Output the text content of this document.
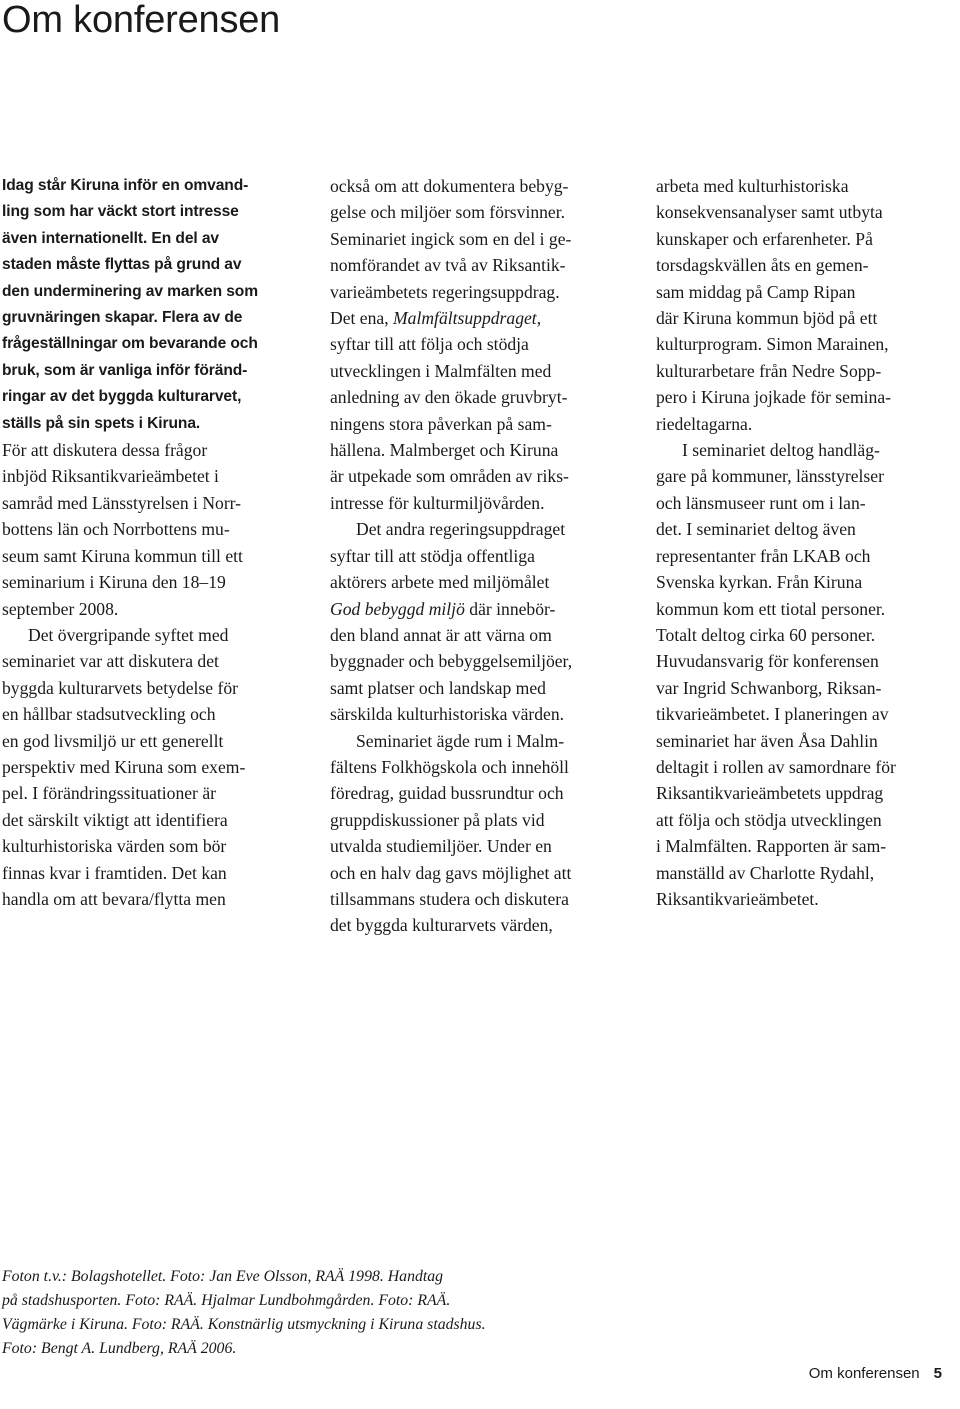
Om konferensen

Idag står Kiruna inför en omvand-
ling som har väckt stort intresse
även internationellt. En del av
staden måste flyttas på grund av
den underminering av marken som
gruvnäringen skapar. Flera av de
frågeställningar om bevarande och
bruk, som är vanliga inför föränd-
ringar av det byggda kulturarvet,
ställs på sin spets i Kiruna.

För att diskutera dessa frågor
inbjöd Riksantikvarieämbetet i
samråd med Länsstyrelsen i Norr-
bottens län och Norrbottens mu-
seum samt Kiruna kommun till ett
seminarium i Kiruna den 18–19
september 2008.

Det övergripande syftet med
seminariet var att diskutera det
byggda kulturarvets betydelse för
en hållbar stadsutveckling och
en god livsmiljö ur ett generellt
perspektiv med Kiruna som exem-
pel. I förändringssituationer är
det särskilt viktigt att identifiera
kulturhistoriska värden som bör
finnas kvar i framtiden. Det kan
handla om att bevara/flytta men

också om att dokumentera bebyg-
gelse och miljöer som försvinner.
Seminariet ingick som en del i ge-
nomförandet av två av Riksantik-
varieämbetets regeringsuppdrag.
Det ena, Malmfältsuppdraget,
syftar till att följa och stödja
utvecklingen i Malmfälten med
anledning av den ökade gruvbryt-
ningens stora påverkan på sam-
hällena. Malmberget och Kiruna
är utpekade som områden av riks-
intresse för kulturmiljövården.

Det andra regeringsuppdraget
syftar till att stödja offentliga
aktörers arbete med miljömålet
God bebyggd miljö där innebör-
den bland annat är att värna om
byggnader och bebyggelsemiljöer,
samt platser och landskap med
särskilda kulturhistoriska värden.

Seminariet ägde rum i Malm-
fältens Folkhögskola och innehöll
föredrag, guidad bussrundtur och
gruppdiskussioner på plats vid
utvalda studiemiljöer. Under en
och en halv dag gavs möjlighet att
tillsammans studera och diskutera
det byggda kulturarvets värden,

arbeta med kulturhistoriska
konsekvensanalyser samt utbyta
kunskaper och erfarenheter. På
torsdagskvällen åts en gemen-
sam middag på Camp Ripan
där Kiruna kommun bjöd på ett
kulturprogram. Simon Marainen,
kulturarbetare från Nedre Sopp-
pero i Kiruna jojkade för semina-
riedeltagarna.

I seminariet deltog handläg-
gare på kommuner, länsstyrelser
och länsmuseer runt om i lan-
det. I seminariet deltog även
representanter från LKAB och
Svenska kyrkan. Från Kiruna
kommun kom ett tiotal personer.
Totalt deltog cirka 60 personer.
Huvudansvarig för konferensen
var Ingrid Schwanborg, Riksan-
tikvarieämbetet. I planeringen av
seminariet har även Åsa Dahlin
deltagit i rollen av samordnare för
Riksantikvarieämbetets uppdrag
att följa och stödja utvecklingen
i Malmfälten. Rapporten är sam-
manställd av Charlotte Rydahl,
Riksantikvarieämbetet.

Foton t.v.: Bolagshotellet. Foto: Jan Eve Olsson, RAÄ 1998. Handtag
på stadshusporten. Foto: RAÄ. Hjalmar Lundbohmgården. Foto: RAÄ.
Vägmärke i Kiruna. Foto: RAÄ. Konstnärlig utsmyckning i Kiruna stadshus.
Foto: Bengt A. Lundberg, RAÄ 2006.
Om konferensen 5
